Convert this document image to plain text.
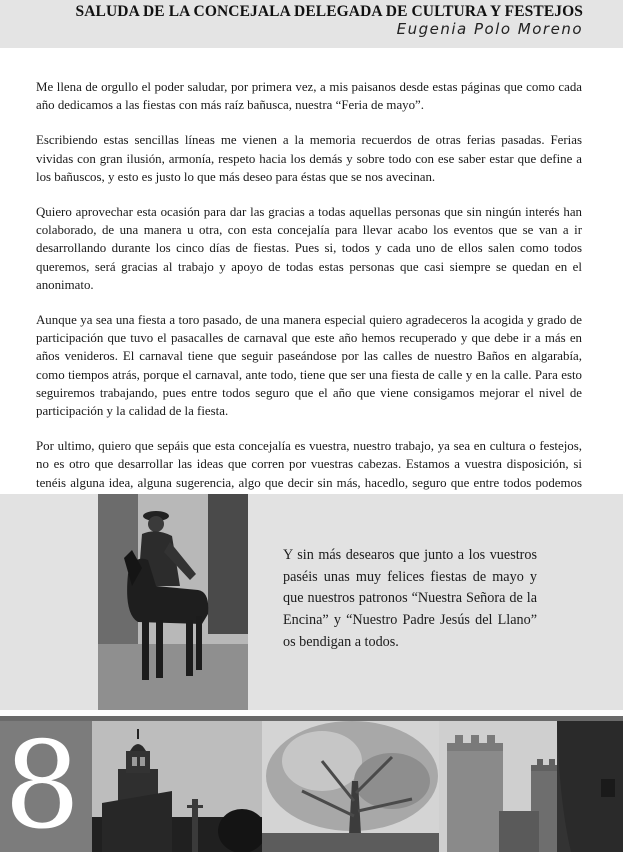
SALUDA DE LA CONCEJALA DELEGADA DE CULTURA Y FESTEJOS
Eugenia Polo Moreno

Me llena de orgullo el poder saludar, por primera vez, a mis paisanos desde estas páginas que como cada año dedicamos a las fiestas con más raíz bañusca, nuestra “Feria de mayo”.

Escribiendo estas sencillas líneas me vienen a la memoria recuerdos de otras ferias pasadas. Ferias vividas con gran ilusión, armonía, respeto hacia los demás y sobre todo con ese saber estar que define a los bañuscos, y esto es justo lo que más deseo para éstas que se nos avecinan.

Quiero aprovechar esta ocasión para dar las gracias a todas aquellas personas que sin ningún interés han colaborado, de una manera u otra, con esta concejalía para llevar acabo los eventos que se van a ir desarrollando durante los cinco días de fiestas. Pues si, todos y cada uno de ellos salen como todos queremos, será gracias al trabajo y apoyo de todas estas personas que casi siempre se quedan en el anonimato.

Aunque ya sea una fiesta a toro pasado, de una manera especial quiero agradeceros la acogida y grado de participación que tuvo el pasacalles de carnaval que este año hemos recuperado y que debe ir a más en años venideros. El carnaval tiene que seguir paseándose por las calles de nuestro Baños en algarabía, como tiempos atrás, porque el carnaval, ante todo, tiene que ser una fiesta de calle y en la calle. Para esto seguiremos trabajando, pues entre todos seguro que el año que viene consigamos mejorar el nivel de participación y la calidad de la fiesta.

Por ultimo, quiero que sepáis que esta concejalía es vuestra, nuestro trabajo, ya sea en cultura o festejos, no es otro que desarrollar las ideas que corren por vuestras cabezas. Estamos a vuestra disposición, si tenéis alguna idea, alguna sugerencia, algo que decir sin más, hacedlo, seguro que entre todos podemos

Y sin más desearos que junto a los vuestros paséis unas muy felices fiestas de mayo y que nuestros patronos “Nuestra Señora de la Encina” y “Nuestro Padre Jesús del Llano” os bendigan a todos.
8
